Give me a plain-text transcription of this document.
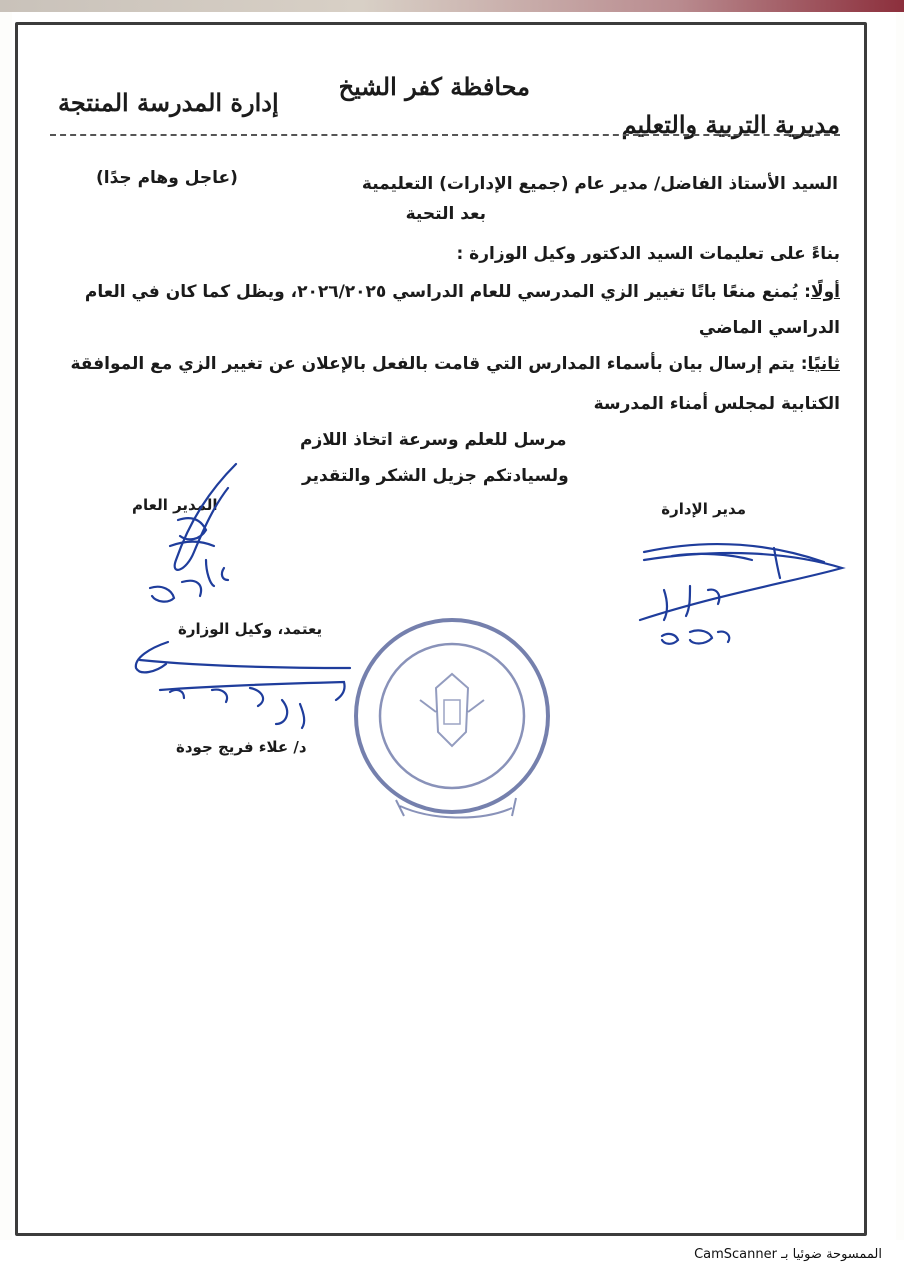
محافظة كفر الشيخ
مديرية التربية والتعليم
إدارة المدرسة المنتجة
السيد الأستاذ الفاضل/ مدير عام (جميع الإدارات) التعليمية
(عاجل وهام جدًا)
بعد التحية
بناءً على تعليمات السيد الدكتور وكيل الوزارة :
أولًا: يُمنع منعًا باتًا تغيير الزي المدرسي للعام الدراسي ٢٠٢٦/٢٠٢٥، ويظل كما كان في العام
الدراسي الماضي
ثانيًا: يتم إرسال بيان بأسماء المدارس التي قامت بالفعل بالإعلان عن تغيير الزي مع الموافقة
الكتابية لمجلس أمناء المدرسة
مرسل للعلم وسرعة اتخاذ اللازم
ولسيادتكم جزيل الشكر والتقدير
المدير العام	مدير الإدارة
يعتمد، وكيل الوزارة
د/ علاء فريج جودة
الممسوحة ضوئيا بـ CamScanner
